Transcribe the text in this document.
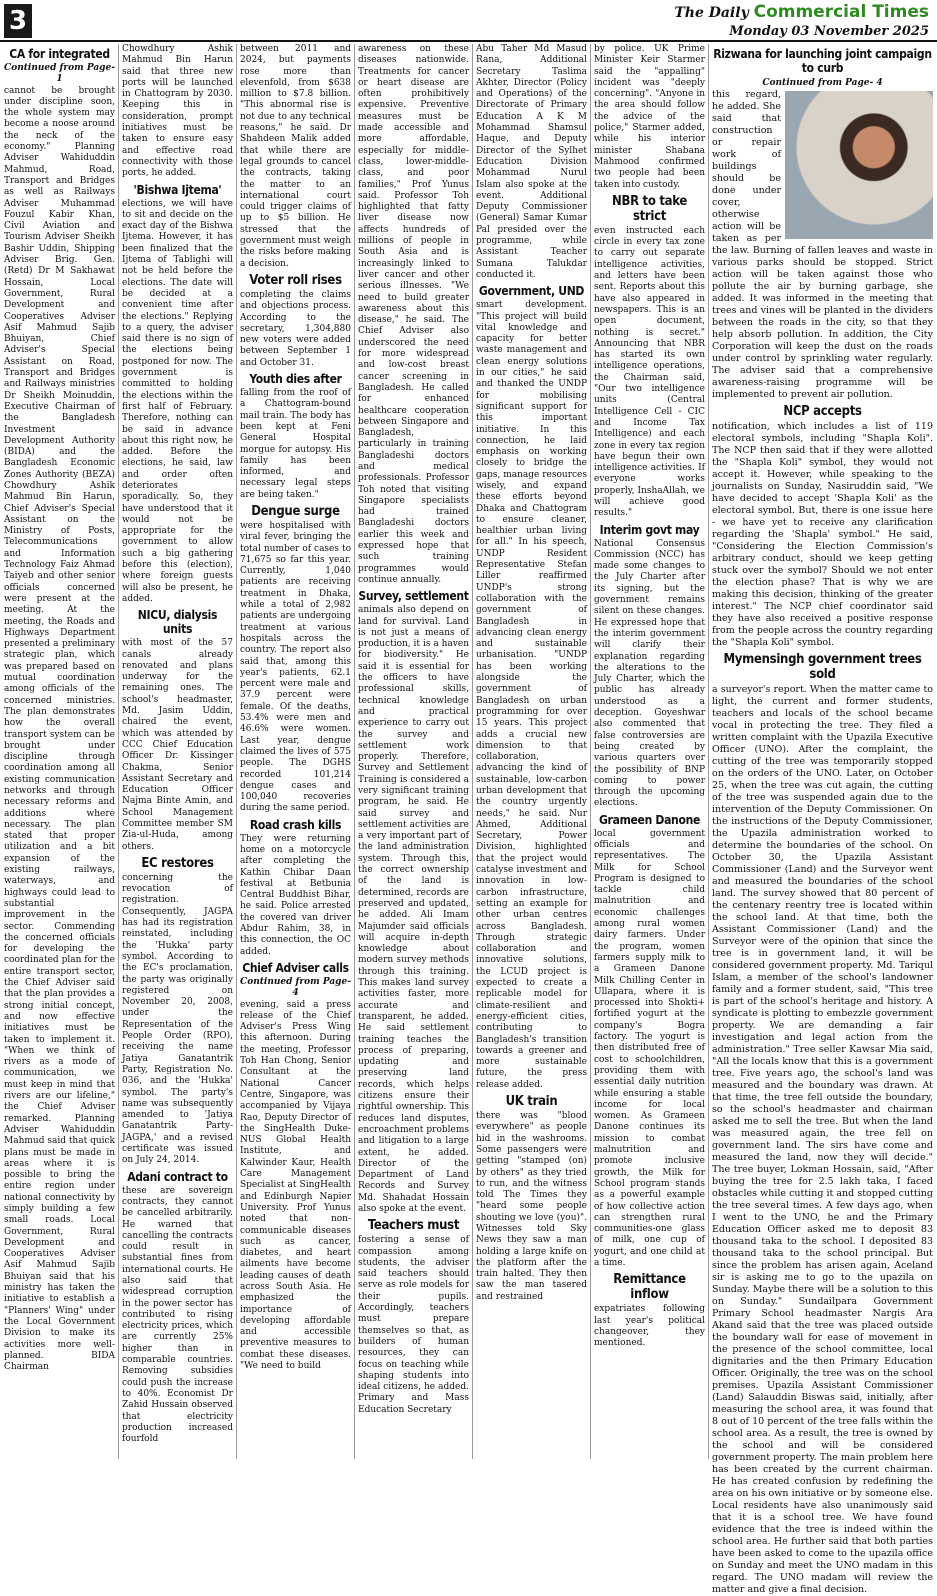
3	The Daily Commercial Times
Monday 03 November 2025
CA for integrated
Continued from Page-1

cannot be brought under discipline soon, the whole system may become a noose around the neck of the economy." Planning Adviser Wahiduddin Mahmud, Road, Transport and Bridges as well as Railways Adviser Muhammad Fouzul Kabir Khan, Civil Aviation and Tourism Adviser Sheikh Bashir Uddin, Shipping Adviser Brig. Gen. (Retd) Dr M Sakhawat Hossain, Local Government, Rural Development and Cooperatives Adviser Asif Mahmud Sajib Bhuiyan, Chief Adviser's Special Assistant on Road, Transport and Bridges and Railways ministries Dr Sheikh Moinuddin, Executive Chairman of the Bangladesh Investment Development Authority (BIDA) and the Bangladesh Economic Zones Authority (BEZA) Chowdhury Ashik Mahmud Bin Harun, Chief Adviser's Special Assistant on the Ministry of Posts, Telecommunications and Information Technology Faiz Ahmad Taiyeb and other senior officials concerned were present at the meeting. At the meeting, the Roads and Highways Department presented a preliminary strategic plan, which was prepared based on mutual coordination among officials of the concerned ministries. The plan demonstrates how the overall transport system can be brought under discipline through coordination among all existing communication networks and through necessary reforms and additions where necessary. The plan stated that proper utilization and a bit expansion of the existing railways, waterways, and highways could lead to substantial improvement in the sector. Commending the concerned officials for developing the coordinated plan for the entire transport sector, the Chief Adviser said that the plan provides a strong initial concept, and now effective initiatives must be taken to implement it. "When we think of rivers as a mode of communication, we must keep in mind that rivers are our lifeline," the Chief Adviser remarked. Planning Adviser Wahiduddin Mahmud said that quick plans must be made in areas where it is possible to bring the entire region under national connectivity by simply building a few small roads. Local Government, Rural Development and Cooperatives Adviser Asif Mahmud Sajib Bhuiyan said that his ministry has taken the initiative to establish a "Planners' Wing" under the Local Government Division to make its activities more well-planned. BIDA Chairman

Chowdhury Ashik Mahmud Bin Harun said that three new ports will be launched in Chattogram by 2030. Keeping this in consideration, prompt initiatives must be taken to ensure easy and effective road connectivity with those ports, he added.

'Bishwa Ijtema'

elections, we will have to sit and decide on the exact day of the Bishwa Ijtema. However, it has been finalized that the Ijtema of Tablighi will not be held before the elections. The date will be decided at a convenient time after the elections." Replying to a query, the adviser said there is no sign of the elections being postponed for now. The government is committed to holding the elections within the first half of February. Therefore, nothing can be said in advance about this right now, he added. Before the elections, he said, law and order often deteriorates sporadically. So, they have understood that it would not be appropriate for the government to allow such a big gathering before this (election), where foreign guests will also be present, he added.

NICU, dialysis units

with most of the 57 canals already renovated and plans underway for the remaining ones. The school's headmaster, Md. Jasim Uddin, chaired the event, which was attended by CCC Chief Education Officer Dr. Kissinger Chakma, Senior Assistant Secretary and Education Officer Najma Binte Amin, and School Management Committee member SM Zia-ul-Huda, among others.

EC restores

concerning the revocation of registration. Consequently, JAGPA has had its registration reinstated, including the 'Hukka' party symbol. According to the EC's proclamation, the party was originally registered on November 20, 2008, under the Representation of the People Order (RPO), receiving the name Jatiya Ganatantrik Party, Registration No. 036, and the 'Hukka' symbol. The party's name was subsequently amended to 'Jatiya Ganatantrik Party- JAGPA,' and a revised certificate was issued on July 24, 2014.

Adani contract to

these are sovereign contracts, they cannot be cancelled arbitrarily. He warned that cancelling the contracts could result in substantial fines from international courts. He also said that widespread corruption in the power sector has contributed to rising electricity prices, which are currently 25% higher than in comparable countries. Removing subsidies could push the increase to 40%. Economist Dr Zahid Hussain observed that electricity production increased fourfold

between 2011 and 2024, but payments rose more than elevenfold, from $638 million to $7.8 billion. "This abnormal rise is not due to any technical reasons," he said. Dr Shahdeen Malik added that while there are legal grounds to cancel the contracts, taking the matter to an international court could trigger claims of up to $5 billion. He stressed that the government must weigh the risks before making a decision.

Voter roll rises

completing the claims and objections process. According to the secretary, 1,304,880 new voters were added between September 1 and October 31.

Youth dies after

falling from the roof of a Chattogram-bound mail train. The body has been kept at Feni General Hospital morgue for autopsy. His family has been informed, and necessary legal steps are being taken."

Dengue surge

were hospitalised with viral fever, bringing the total number of cases to 71,675 so far this year. Currently, 1,040 patients are receiving treatment in Dhaka, while a total of 2,982 patients are undergoing treatment at various hospitals across the country. The report also said that, among this year's patients, 62.1 percent were male and 37.9 percent were female. Of the deaths, 53.4% were men and 46.6% were women. Last year, dengue claimed the lives of 575 people. The DGHS recorded 101,214 dengue cases and 100,040 recoveries during the same period.

Road crash kills

They were returning home on a motorcycle after completing the Kathin Chibar Daan festival at Betbunia Central Buddhist Bihar, he said. Police arrested the covered van driver Abdur Rahim, 38, in this connection, the OC added.

Chief Adviser calls
Continued from Page- 4

evening, said a press release of the Chief Adviser's Press Wing this afternoon. During the meeting, Professor Toh Han Chong, Senior Consultant at the National Cancer Centre, Singapore, was accompanied by Vijaya Rao, Deputy Director of the SingHealth Duke-NUS Global Health Institute, and Kalwinder Kaur, Health Care Management Specialist at SingHealth and Edinburgh Napier University. Prof Yunus noted that non-communicable diseases such as cancer, diabetes, and heart ailments have become leading causes of death across South Asia. He emphasized the importance of developing affordable and accessible preventive measures to combat these diseases. "We need to build

awareness on these diseases nationwide. Treatments for cancer or heart disease are often prohibitively expensive. Preventive measures must be made accessible and more affordable, especially for middle-class, lower-middle-class, and poor families," Prof Yunus said. Professor Toh highlighted that fatty liver disease now affects hundreds of millions of people in South Asia and is increasingly linked to liver cancer and other serious illnesses. "We need to build greater awareness about this disease," he said. The Chief Adviser also underscored the need for more widespread and low-cost breast cancer screening in Bangladesh. He called for enhanced healthcare cooperation between Singapore and Bangladesh, particularly in training Bangladeshi doctors and medical professionals. Professor Toh noted that visiting Singapore specialists had trained Bangladeshi doctors earlier this week and expressed hope that such training programmes would continue annually.

Survey, settlement

animals also depend on land for survival. Land is not just a means of production, it is a haven for biodiversity." He said it is essential for the officers to have professional skills, technical knowledge and practical experience to carry out the survey and settlement work properly. Therefore, Survey and Settlement Training is considered a very significant training program, he said. He said survey and settlement activities are a very important part of the land administration system. Through this, the correct ownership of the land is determined, records are preserved and updated, he added. Ali Imam Majumder said officials will acquire in-depth knowledge about modern survey methods through this training. This makes land survey activities faster, more accurate and transparent, he added. He said settlement training teaches the process of preparing, updating and preserving land records, which helps citizens ensure their rightful ownership. This reduces land disputes, encroachment problems and litigation to a large extent, he added. Director of the Department of Land Records and Survey Md. Shahadat Hossain also spoke at the event.

Teachers must

fostering a sense of compassion among students, the adviser said teachers should serve as role models for their pupils. Accordingly, teachers must prepare themselves so that, as builders of human resources, they can focus on teaching while shaping students into ideal citizens, he added. Primary and Mass Education Secretary

Abu Taher Md Masud Rana, Additional Secretary Taslima Akhter, Director (Policy and Operations) of the Directorate of Primary Education A K M Mohammad Shamsul Haque, and Deputy Director of the Sylhet Education Division Mohammad Nurul Islam also spoke at the event. Additional Deputy Commissioner (General) Samar Kumar Pal presided over the programme, while Assistant Teacher Sumana Talukdar conducted it.

Government, UND

smart development. "This project will build vital knowledge and capacity for better waste management and clean energy solutions in our cities," he said and thanked the UNDP for mobilising significant support for this important initiative. In this connection, he laid emphasis on working closely to bridge the gaps, manage resources wisely, and expand these efforts beyond Dhaka and Chattogram to ensure cleaner, healthier urban living for all." In his speech, UNDP Resident Representative Stefan Liller reaffirmed UNDP's strong collaboration with the government of Bangladesh in advancing clean energy and sustainable urbanisation. "UNDP has been working alongside the government of Bangladesh on urban programming for over 15 years. This project adds a crucial new dimension to that collaboration, advancing the kind of sustainable, low-carbon urban development that the country urgently needs," he said. Nur Ahmed, Additional Secretary, Power Division, highlighted that the project would catalyse investment and innovation in low-carbon infrastructure, setting an example for other urban centres across Bangladesh. Through strategic collaboration and innovative solutions, the LCUD project is expected to create a replicable model for climate-resilient and energy-efficient cities, contributing to Bangladesh's transition towards a greener and more sustainable future, the press release added.

UK train

there was "blood everywhere" as people hid in the washrooms. Some passengers were getting "stamped (on) by others" as they tried to run, and the witness told The Times they "heard some people shouting we love (you)". Witnesses told Sky News they saw a man holding a large knife on the platform after the train halted. They then saw the man tasered and restrained

by police. UK Prime Minister Keir Starmer said the "appalling" incident was "deeply concerning". "Anyone in the area should follow the advice of the police," Starmer added, while his interior minister Shabana Mahmood confirmed two people had been taken into custody.

NBR to take strict

even instructed each circle in every tax zone to carry out separate intelligence activities, and letters have been sent. Reports about this have also appeared in newspapers. This is an open document, nothing is secret." Announcing that NBR has started its own intelligence operations, the Chairman said, "Our two intelligence units (Central Intelligence Cell - CIC and Income Tax Intelligence) and each zone in every tax region have begun their own intelligence activities. If everyone works properly, InshaAllah, we will achieve good results."

Interim govt may

National Consensus Commission (NCC) has made some changes to the July Charter after its signing, but the government remains silent on these changes. He expressed hope that the interim government will clarify their explanation regarding the alterations to the July Charter, which the public has already understood as a deception. Goyeshwar also commented that false controversies are being created by various quarters over the possibility of BNP coming to power through the upcoming elections.

Grameen Danone

local government officials and representatives. The Milk for School Program is designed to tackle child malnutrition and economic challenges among rural women dairy farmers. Under the program, women farmers supply milk to a Grameen Danone Milk Chilling Center in Ullapara, where it is processed into Shokti+ fortified yogurt at the company's Bogra factory. The yogurt is then distributed free of cost to schoolchildren, providing them with essential daily nutrition while ensuring a stable income for local women. As Grameen Danone continues its mission to combat malnutrition and promote inclusive growth, the Milk for School program stands as a powerful example of how collective action can strengthen rural communities-one glass of milk, one cup of yogurt, and one child at a time.

Remittance inflow

expatriates following last year's political changeover, they mentioned.

Rizwana for launching joint campaign to curb
Continued from Page- 4

this regard, he added. She said that construction or repair work of buildings should be done under cover, otherwise action will be taken as per the law. Burning of fallen leaves and waste in various parks should be stopped. Strict action will be taken against those who pollute the air by burning garbage, she added. It was informed in the meeting that trees and vines will be planted in the dividers between the roads in the city, so that they help absorb pollution. In addition, the City Corporation will keep the dust on the roads under control by sprinkling water regularly. The adviser said that a comprehensive awareness-raising programme will be implemented to prevent air pollution.

NCP accepts

notification, which includes a list of 119 electoral symbols, including "Shapla Koli". The NCP then said that if they were allotted the "Shapla Koli" symbol, they would not accept it. However, while speaking to the journalists on Sunday, Nasiruddin said, "We have decided to accept 'Shapla Koli' as the electoral symbol. But, there is one issue here - we have yet to receive any clarification regarding the 'Shapla' symbol." He said, "Considering the Election Commission's arbitrary conduct, should we keep getting stuck over the symbol? Should we not enter the election phase? That is why we are making this decision, thinking of the greater interest." The NCP chief coordinator said they have also received a positive response from the people across the country regarding the "Shapla Koli" symbol.

Mymensingh government trees sold

a surveyor's report. When the matter came to light, the current and former students, teachers and locals of the school became vocal in protecting the tree. They filed a written complaint with the Upazila Executive Officer (UNO). After the complaint, the cutting of the tree was temporarily stopped on the orders of the UNO. Later, on October 25, when the tree was cut again, the cutting of the tree was suspended again due to the intervention of the Deputy Commissioner. On the instructions of the Deputy Commissioner, the Upazila administration worked to determine the boundaries of the school. On October 30, the Upazila Assistant Commissioner (Land) and the Surveyor went and measured the boundaries of the school land. The survey showed that 80 percent of the centenary reentry tree is located within the school land. At that time, both the Assistant Commissioner (Land) and the Surveyor were of the opinion that since the tree is in government land, it will be considered government property. Md. Tariqul Islam, a member of the school's landowner family and a former student, said, "This tree is part of the school's heritage and history. A syndicate is plotting to embezzle government property. We are demanding a fair investigation and legal action from the administration." Tree seller Kawsar Mia said, "All the locals know that this is a government tree. Five years ago, the school's land was measured and the boundary was drawn. At that time, the tree fell outside the boundary, so the school's headmaster and chairman asked me to sell the tree. But when the land was measured again, the tree fell on government land. The sirs have come and measured the land, now they will decide." The tree buyer, Lokman Hossain, said, "After buying the tree for 2.5 lakh taka, I faced obstacles while cutting it and stopped cutting the tree several times. A few days ago, when I went to the UNO, he and the Primary Education Officer asked me to deposit 83 thousand taka to the school. I deposited 83 thousand taka to the school principal. But since the problem has arisen again, Aceland sir is asking me to go to the upazila on Sunday. Maybe there will be a solution to this on Sunday." Sundailpara Government Primary School headmaster Nargis Ara Akand said that the tree was placed outside the boundary wall for ease of movement in the presence of the school committee, local dignitaries and the then Primary Education Officer. Originally, the tree was on the school premises. Upazila Assistant Commissioner (Land) Salauddin Biswas said, initially, after measuring the school area, it was found that 8 out of 10 percent of the tree falls within the school area. As a result, the tree is owned by the school and will be considered government property. The main problem here has been created by the current chairman. He has created confusion by redefining the area on his own initiative or by someone else. Local residents have also unanimously said that it is a school tree. We have found evidence that the tree is indeed within the school area. He further said that both parties have been asked to come to the upazila office on Sunday and meet the UNO madam in this regard. The UNO madam will review the matter and give a final decision.
